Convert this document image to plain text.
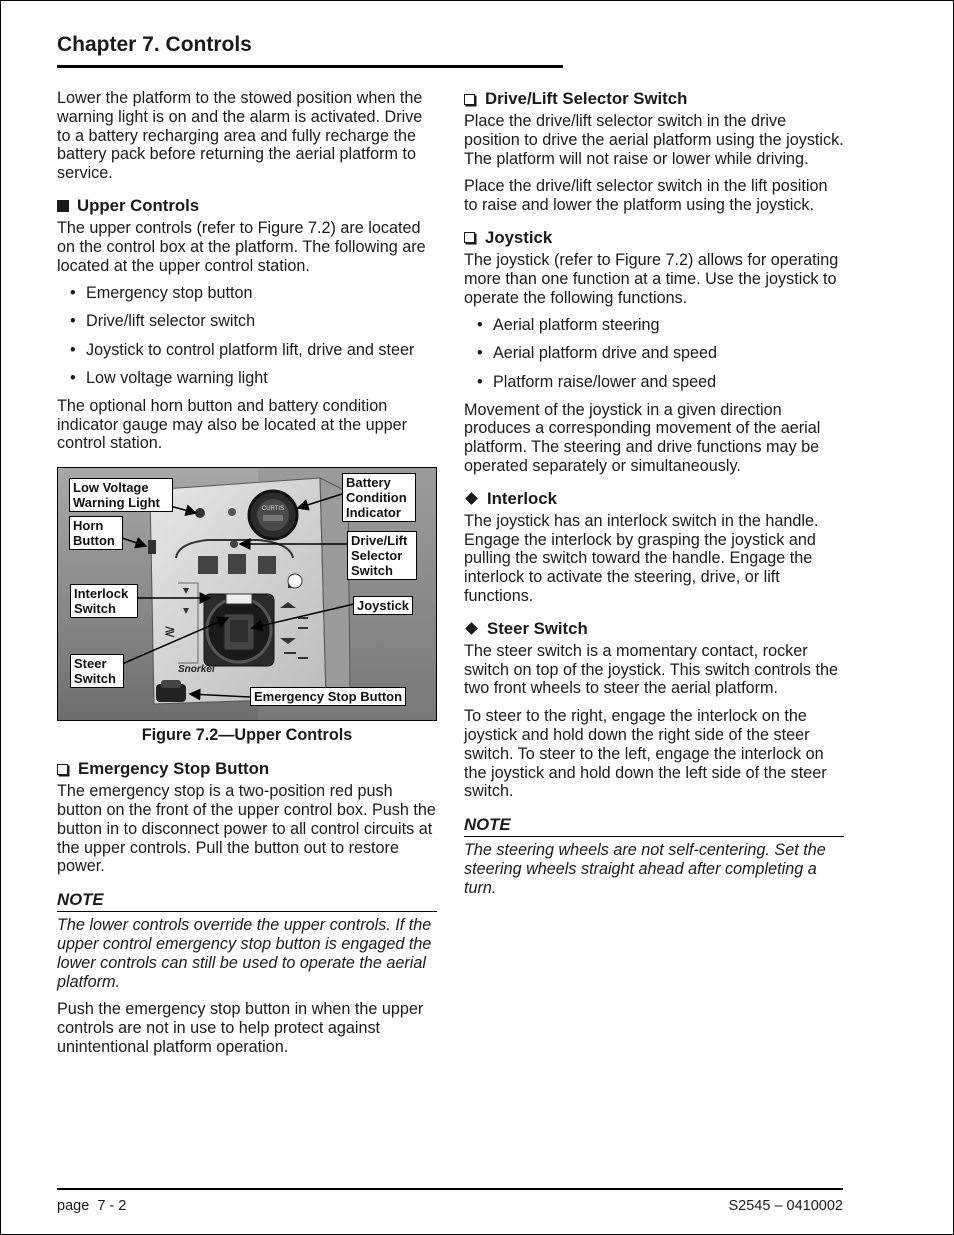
Chapter 7. Controls

Lower the platform to the stowed position when the warning light is on and the alarm is activated. Drive to a battery recharging area and fully recharge the battery pack before returning the aerial platform to service.

Upper Controls

The upper controls (refer to Figure 7.2) are located on the control box at the platform. The following are located at the upper control station.

• Emergency stop button
• Drive/lift selector switch
• Joystick to control platform lift, drive and steer
• Low voltage warning light

The optional horn button and battery condition indicator gauge may also be located at the upper control station.

CURTIS
≷
Snorkel
Low Voltage Warning Light
Horn Button
Interlock Switch
Steer Switch
Battery Condition Indicator
Drive/Lift Selector Switch
Joystick
Emergency Stop Button
Figure 7.2—Upper Controls
Emergency Stop Button

The emergency stop is a two-position red push button on the front of the upper control box. Push the button in to disconnect power to all control circuits at the upper controls. Pull the button out to restore power.

NOTE

The lower controls override the upper controls. If the upper control emergency stop button is engaged the lower controls can still be used to operate the aerial platform.

Push the emergency stop button in when the upper controls are not in use to help protect against unintentional platform operation.

Drive/Lift Selector Switch

Place the drive/lift selector switch in the drive position to drive the aerial platform using the joystick. The platform will not raise or lower while driving.

Place the drive/lift selector switch in the lift position to raise and lower the platform using the joystick.

Joystick

The joystick (refer to Figure 7.2) allows for operating more than one function at a time. Use the joystick to operate the following functions.

• Aerial platform steering
• Aerial platform drive and speed
• Platform raise/lower and speed

Movement of the joystick in a given direction produces a corresponding movement of the aerial platform. The steering and drive functions may be operated separately or simultaneously.

Interlock

The joystick has an interlock switch in the handle. Engage the interlock by grasping the joystick and pulling the switch toward the handle. Engage the interlock to activate the steering, drive, or lift functions.

Steer Switch

The steer switch is a momentary contact, rocker switch on top of the joystick. This switch controls the two front wheels to steer the aerial platform.

To steer to the right, engage the interlock on the joystick and hold down the right side of the steer switch. To steer to the left, engage the interlock on the joystick and hold down the left side of the steer switch.

NOTE

The steering wheels are not self-centering. Set the steering wheels straight ahead after completing a turn.

page  7 - 2	S2545 – 0410002
